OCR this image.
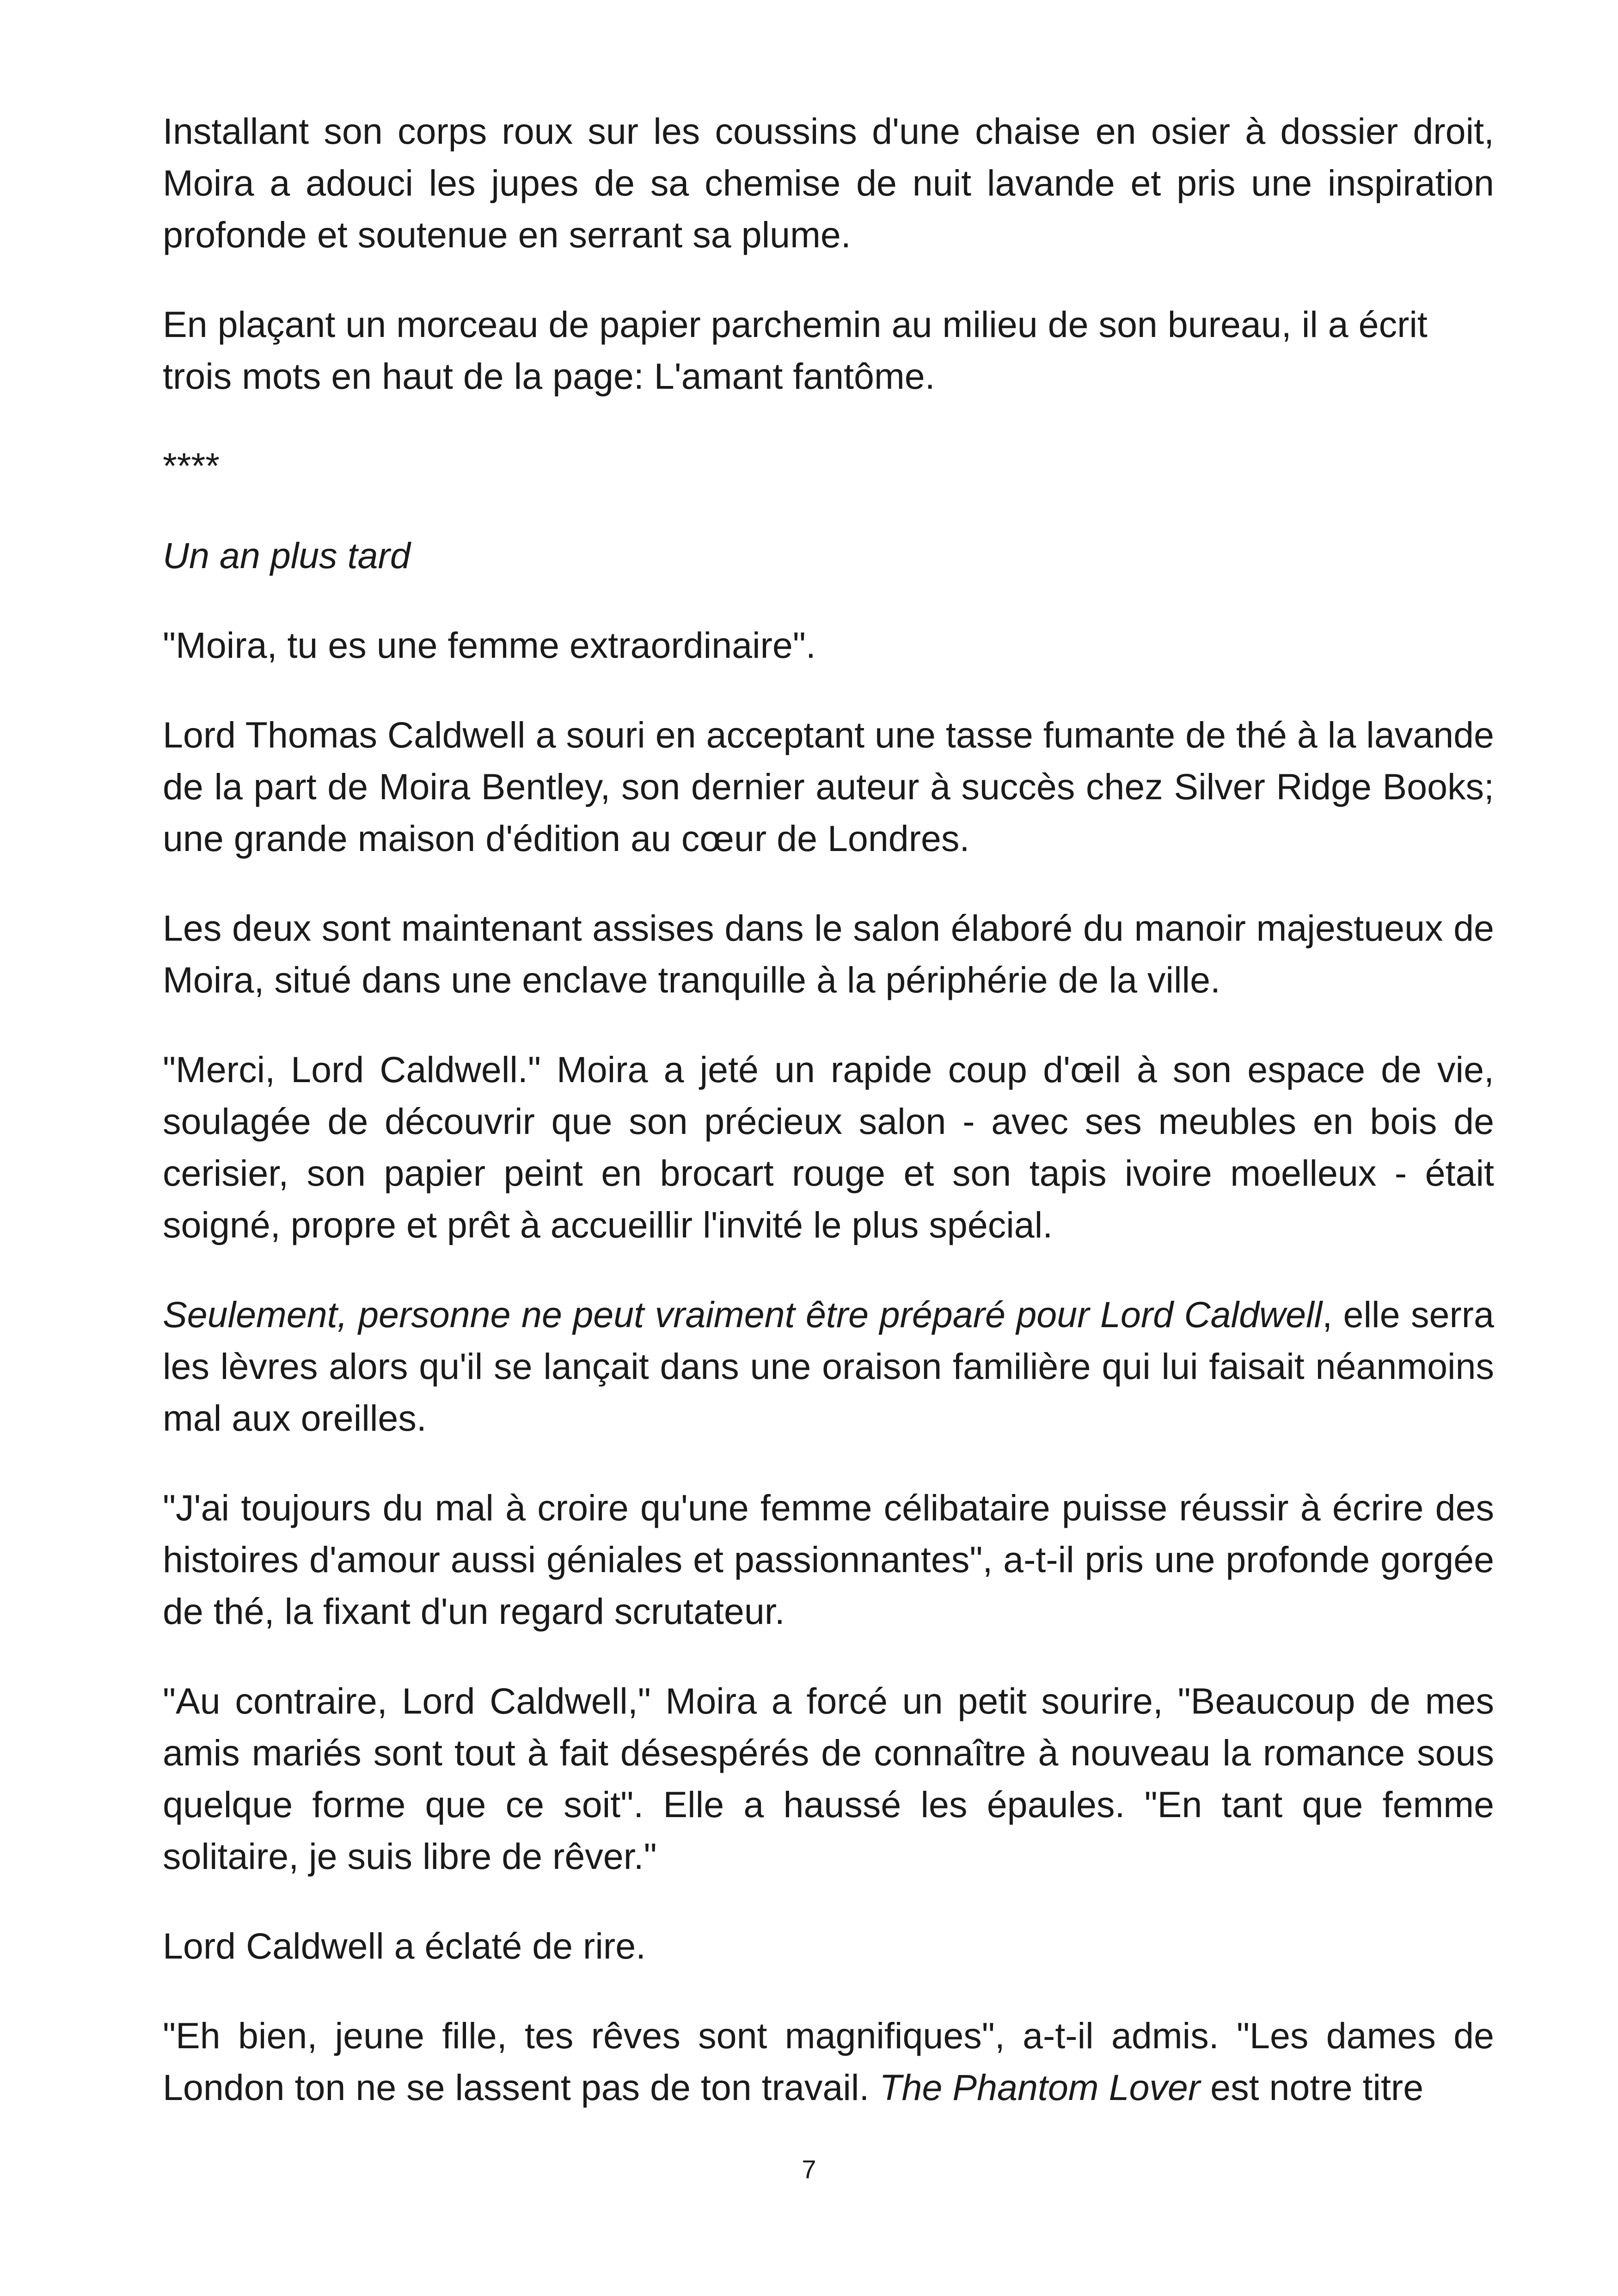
Installant son corps roux sur les coussins d'une chaise en osier à dossier droit, Moira a adouci les jupes de sa chemise de nuit lavande et pris une inspiration profonde et soutenue en serrant sa plume.

En plaçant un morceau de papier parchemin au milieu de son bureau, il a écrit trois mots en haut de la page: L'amant fantôme.

****

Un an plus tard

"Moira, tu es une femme extraordinaire".

Lord Thomas Caldwell a souri en acceptant une tasse fumante de thé à la lavande de la part de Moira Bentley, son dernier auteur à succès chez Silver Ridge Books; une grande maison d'édition au cœur de Londres.

Les deux sont maintenant assises dans le salon élaboré du manoir majestueux de Moira, situé dans une enclave tranquille à la périphérie de la ville.

"Merci, Lord Caldwell." Moira a jeté un rapide coup d'œil à son espace de vie, soulagée de découvrir que son précieux salon - avec ses meubles en bois de cerisier, son papier peint en brocart rouge et son tapis ivoire moelleux - était soigné, propre et prêt à accueillir l'invité le plus spécial.

Seulement, personne ne peut vraiment être préparé pour Lord Caldwell, elle serra les lèvres alors qu'il se lançait dans une oraison familière qui lui faisait néanmoins mal aux oreilles.

"J'ai toujours du mal à croire qu'une femme célibataire puisse réussir à écrire des histoires d'amour aussi géniales et passionnantes", a-t-il pris une profonde gorgée de thé, la fixant d'un regard scrutateur.

"Au contraire, Lord Caldwell," Moira a forcé un petit sourire, "Beaucoup de mes amis mariés sont tout à fait désespérés de connaître à nouveau la romance sous quelque forme que ce soit". Elle a haussé les épaules. "En tant que femme solitaire, je suis libre de rêver."

Lord Caldwell a éclaté de rire.

"Eh bien, jeune fille, tes rêves sont magnifiques", a-t-il admis. "Les dames de London ton ne se lassent pas de ton travail. The Phantom Lover est notre titre

7
